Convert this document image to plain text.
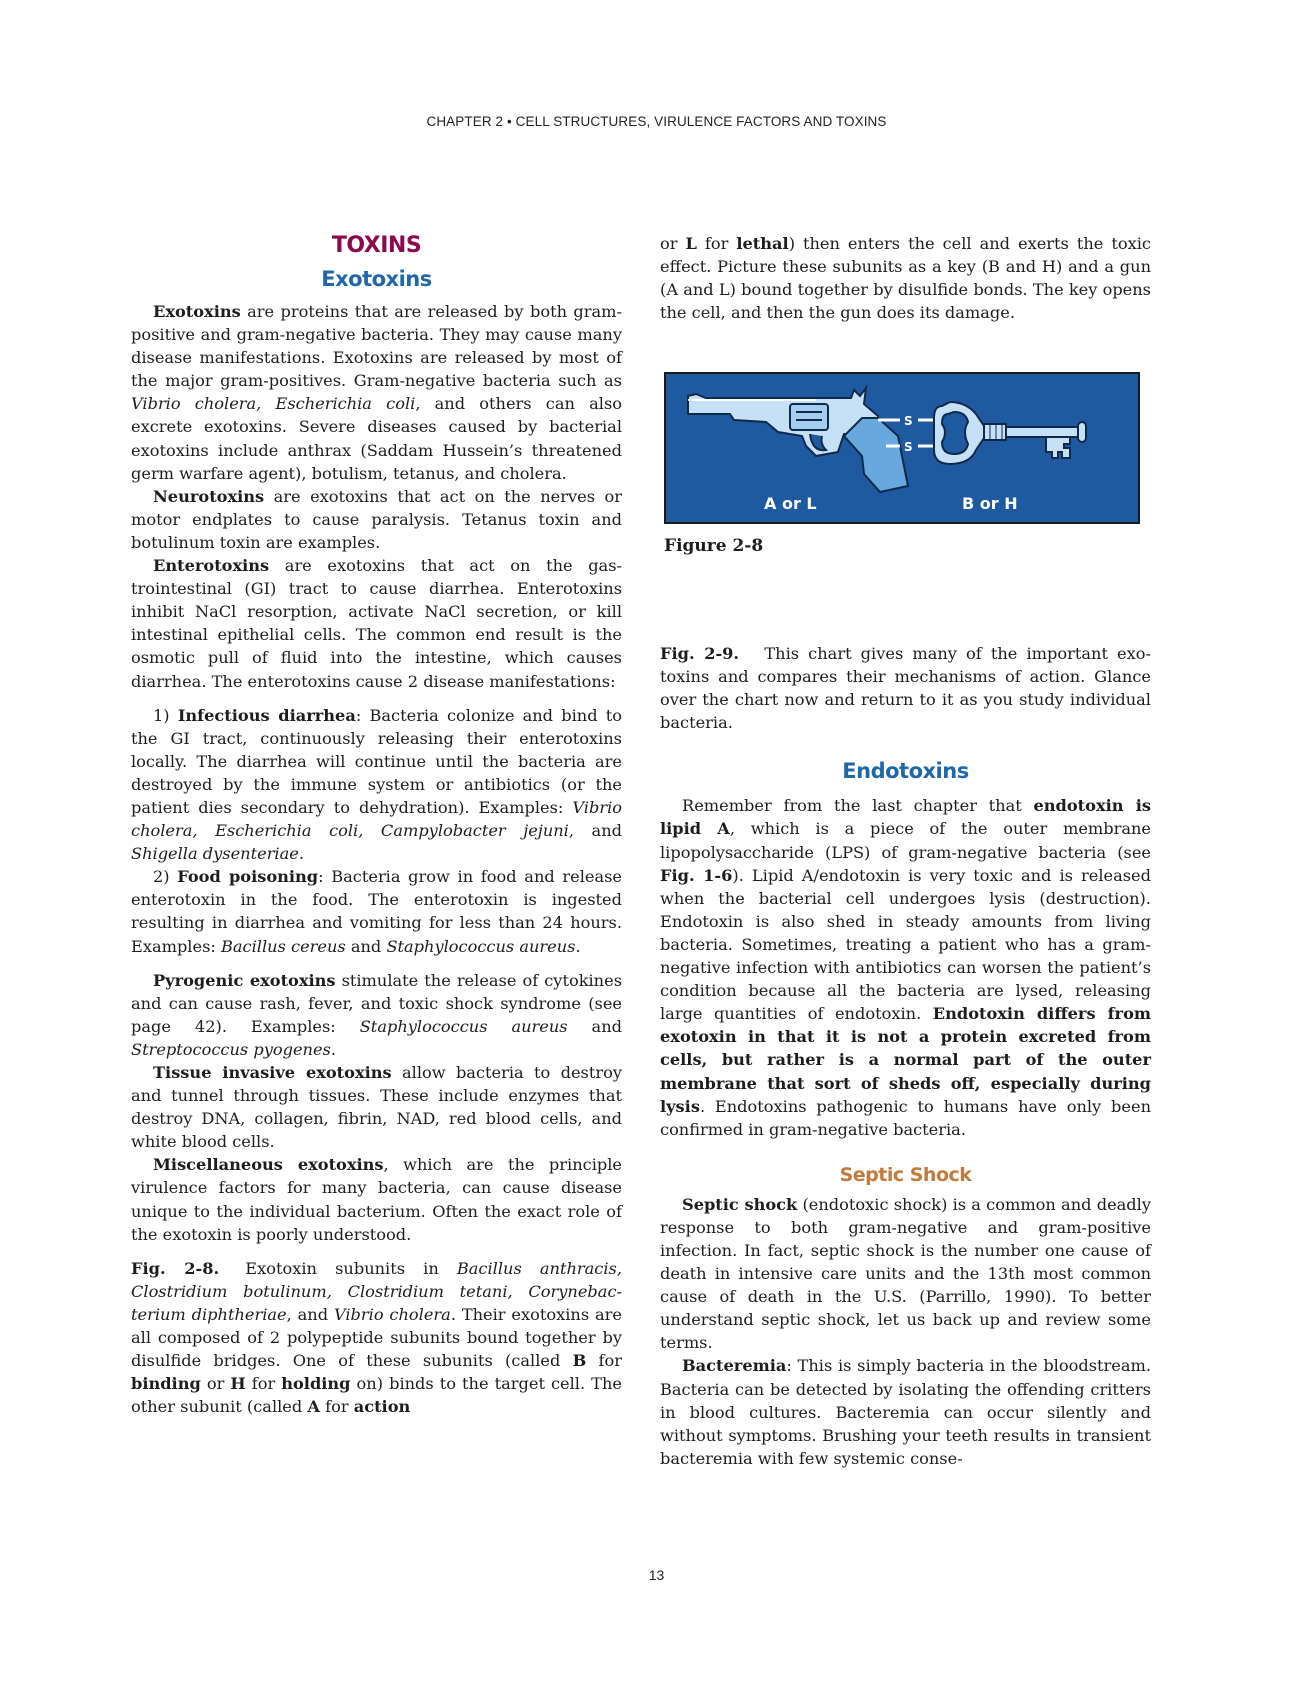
CHAPTER 2 • CELL STRUCTURES, VIRULENCE FACTORS AND TOXINS
TOXINS
Exotoxins

Exotoxins are proteins that are released by both gram-positive and gram-negative bacteria. They may cause many disease manifestations. Exotoxins are released by most of the major gram-positives. Gram-negative bacteria such as Vibrio cholera, Escherichia coli, and others can also excrete exotoxins. Severe diseases caused by bacterial exotoxins include anthrax (Saddam Hussein’s threatened germ warfare agent), botulism, tetanus, and cholera.

Neurotoxins are exotoxins that act on the nerves or motor endplates to cause paralysis. Tetanus toxin and botulinum toxin are examples.

Enterotoxins are exotoxins that act on the gastrointestinal (GI) tract to cause diarrhea. Enterotoxins inhibit NaCl resorption, activate NaCl secretion, or kill intestinal epithelial cells. The common end result is the osmotic pull of fluid into the intestine, which causes diarrhea. The enterotoxins cause 2 disease manifestations:

1) Infectious diarrhea: Bacteria colonize and bind to the GI tract, continuously releasing their enterotoxins locally. The diarrhea will continue until the bacteria are destroyed by the immune system or antibiotics (or the patient dies secondary to dehydration). Examples: Vibrio cholera, Escherichia coli, Campylobacter jejuni, and Shigella dysenteriae.

2) Food poisoning: Bacteria grow in food and release enterotoxin in the food. The enterotoxin is ingested resulting in diarrhea and vomiting for less than 24 hours. Examples: Bacillus cereus and Staphylococcus aureus.

Pyrogenic exotoxins stimulate the release of cytokines and can cause rash, fever, and toxic shock syndrome (see page 42). Examples: Staphylococcus aureus and Streptococcus pyogenes.

Tissue invasive exotoxins allow bacteria to destroy and tunnel through tissues. These include enzymes that destroy DNA, collagen, fibrin, NAD, red blood cells, and white blood cells.

Miscellaneous exotoxins, which are the principle virulence factors for many bacteria, can cause disease unique to the individual bacterium. Often the exact role of the exotoxin is poorly understood.

Fig. 2-8.  Exotoxin subunits in Bacillus anthracis, Clostridium botulinum, Clostridium tetani, Corynebacterium diphtheriae, and Vibrio cholera. Their exotoxins are all composed of 2 polypeptide subunits bound together by disulfide bridges. One of these subunits (called B for binding or H for holding on) binds to the target cell. The other subunit (called A for action

or L for lethal) then enters the cell and exerts the toxic effect. Picture these subunits as a key (B and H) and a gun (A and L) bound together by disulfide bonds. The key opens the cell, and then the gun does its damage.

S
S
A or L	B or H
Figure 2-8

Fig. 2-9.  This chart gives many of the important exotoxins and compares their mechanisms of action. Glance over the chart now and return to it as you study individual bacteria.

Endotoxins

Remember from the last chapter that endotoxin is lipid A, which is a piece of the outer membrane lipopolysaccharide (LPS) of gram-negative bacteria (see Fig. 1-6). Lipid A/endotoxin is very toxic and is released when the bacterial cell undergoes lysis (destruction). Endotoxin is also shed in steady amounts from living bacteria. Sometimes, treating a patient who has a gram-negative infection with antibiotics can worsen the patient’s condition because all the bacteria are lysed, releasing large quantities of endotoxin. Endotoxin differs from exotoxin in that it is not a protein excreted from cells, but rather is a normal part of the outer membrane that sort of sheds off, especially during lysis. Endotoxins pathogenic to humans have only been confirmed in gram-negative bacteria.

Septic Shock

Septic shock (endotoxic shock) is a common and deadly response to both gram-negative and gram-positive infection. In fact, septic shock is the number one cause of death in intensive care units and the 13th most common cause of death in the U.S. (Parrillo, 1990). To better understand septic shock, let us back up and review some terms.

Bacteremia: This is simply bacteria in the bloodstream. Bacteria can be detected by isolating the offending critters in blood cultures. Bacteremia can occur silently and without symptoms. Brushing your teeth results in transient bacteremia with few systemic conse-

13
